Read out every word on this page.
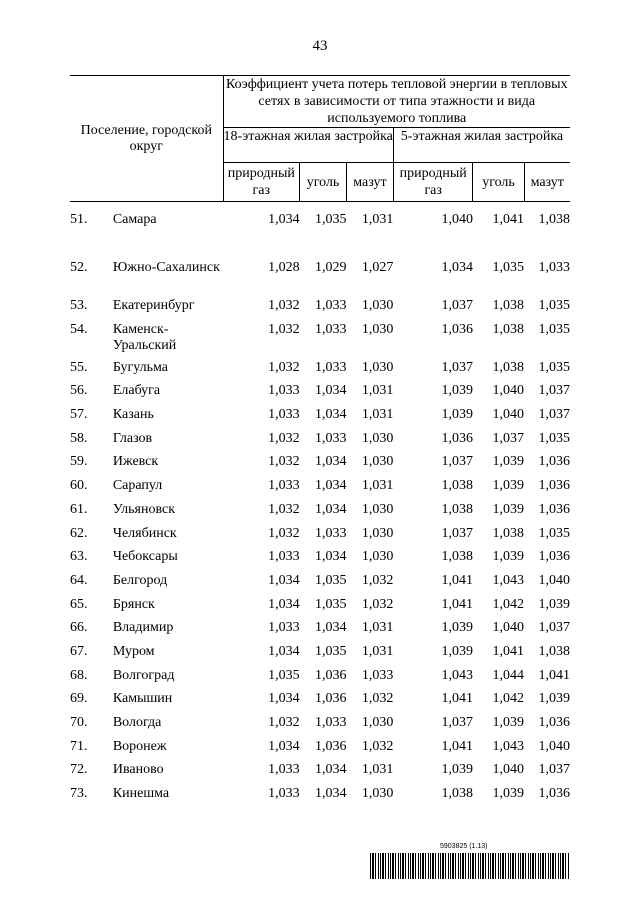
43
Поселение, городской округ		Коэффициент учета потерь тепловой энергии в тепловых сетях в зависимости от типа этажности и вида используемого топлива					
		18-этажная жилая застройка			5-этажная жилая застройка		
		природный газ	уголь	мазут	природный газ	уголь	мазут

51.	Самара	1,034	1,035	1,031	1,040	1,041	1,038
52.	Южно-Сахалинск	1,028	1,029	1,027	1,034	1,035	1,033
53.	Екатеринбург	1,032	1,033	1,030	1,037	1,038	1,035
54.	Каменск-Уральский	1,032	1,033	1,030	1,036	1,038	1,035
55.	Бугульма	1,032	1,033	1,030	1,037	1,038	1,035
56.	Елабуга	1,033	1,034	1,031	1,039	1,040	1,037
57.	Казань	1,033	1,034	1,031	1,039	1,040	1,037
58.	Глазов	1,032	1,033	1,030	1,036	1,037	1,035
59.	Ижевск	1,032	1,034	1,030	1,037	1,039	1,036
60.	Сарапул	1,033	1,034	1,031	1,038	1,039	1,036
61.	Ульяновск	1,032	1,034	1,030	1,038	1,039	1,036
62.	Челябинск	1,032	1,033	1,030	1,037	1,038	1,035
63.	Чебоксары	1,033	1,034	1,030	1,038	1,039	1,036
64.	Белгород	1,034	1,035	1,032	1,041	1,043	1,040
65.	Брянск	1,034	1,035	1,032	1,041	1,042	1,039
66.	Владимир	1,033	1,034	1,031	1,039	1,040	1,037
67.	Муром	1,034	1,035	1,031	1,039	1,041	1,038
68.	Волгоград	1,035	1,036	1,033	1,043	1,044	1,041
69.	Камышин	1,034	1,036	1,032	1,041	1,042	1,039
70.	Вологда	1,032	1,033	1,030	1,037	1,039	1,036
71.	Воронеж	1,034	1,036	1,032	1,041	1,043	1,040
72.	Иваново	1,033	1,034	1,031	1,039	1,040	1,037
73.	Кинешма	1,033	1,034	1,030	1,038	1,039	1,036
5903825 (1.13)
